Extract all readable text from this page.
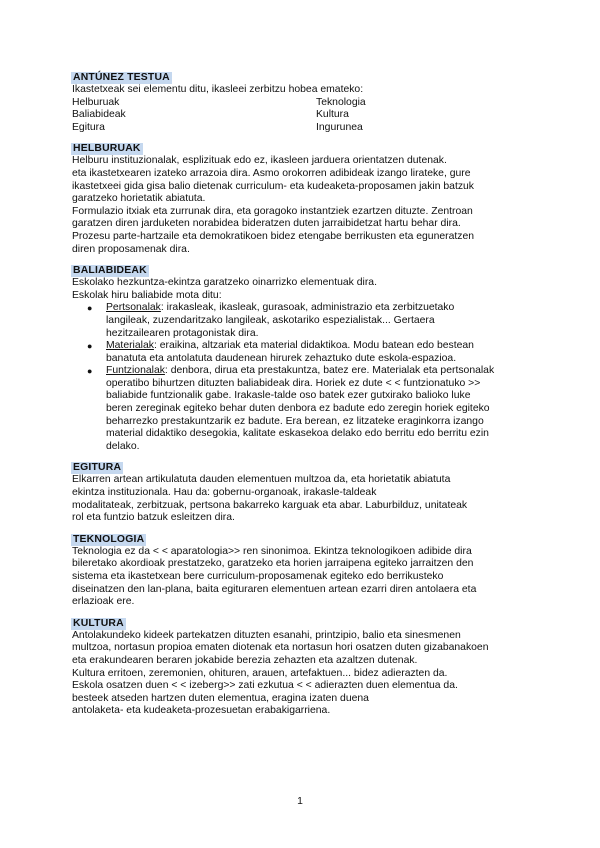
ANTÚNEZ TESTUA

Ikastetxeak sei elementu ditu, ikasleei zerbitzu hobea emateko:

Helburuak	Teknologia
Baliabideak	Kultura
Egitura	Ingurunea
HELBURUAK

Helburu instituzionalak, esplizituak edo ez, ikasleen jarduera orientatzen dutenak.

eta ikastetxearen izateko arrazoia dira. Asmo orokorren adibideak izango lirateke, gure

ikastetxeei gida gisa balio dietenak curriculum- eta kudeaketa-proposamen jakin batzuk

garatzeko horietatik abiatuta.

Formulazio itxiak eta zurrunak dira, eta goragoko instantziek ezartzen dituzte. Zentroan

garatzen diren jarduketen norabidea bideratzen duten jarraibidetzat hartu behar dira.

Prozesu parte-hartzaile eta demokratikoen bidez etengabe berrikusten eta eguneratzen

diren proposamenak dira.

BALIABIDEAK

Eskolako hezkuntza-ekintza garatzeko oinarrizko elementuak dira.

Eskolak hiru baliabide mota ditu:

● Pertsonalak: irakasleak, ikasleak, gurasoak, administrazio eta zerbitzuetako

langileak, zuzendaritzako langileak, askotariko espezialistak... Gertaera

hezitzailearen protagonistak dira.

● Materialak: eraikina, altzariak eta material didaktikoa. Modu batean edo bestean

banatuta eta antolatuta daudenean hirurek zehaztuko dute eskola-espazioa.

● Funtzionalak: denbora, dirua eta prestakuntza, batez ere. Materialak eta pertsonalak

operatibo bihurtzen dituzten baliabideak dira. Horiek ez dute < < funtzionatuko >>

baliabide funtzionalik gabe. Irakasle-talde oso batek ezer gutxirako balioko luke

beren zereginak egiteko behar duten denbora ez badute edo zeregin horiek egiteko

beharrezko prestakuntzarik ez badute. Era berean, ez litzateke eraginkorra izango

material didaktiko desegokia, kalitate eskasekoa delako edo berritu edo berritu ezin

delako.

EGITURA

Elkarren artean artikulatuta dauden elementuen multzoa da, eta horietatik abiatuta

ekintza instituzionala. Hau da: gobernu-organoak, irakasle-taldeak

modalitateak, zerbitzuak, pertsona bakarreko karguak eta abar. Laburbilduz, unitateak

rol eta funtzio batzuk esleitzen dira.

TEKNOLOGIA

Teknologia ez da < < aparatologia>> ren sinonimoa. Ekintza teknologikoen adibide dira

bileretako akordioak prestatzeko, garatzeko eta horien jarraipena egiteko jarraitzen den

sistema eta ikastetxean bere curriculum-proposamenak egiteko edo berrikusteko

diseinatzen den lan-plana, baita egituraren elementuen artean ezarri diren antolaera eta

erlazioak ere.

KULTURA

Antolakundeko kideek partekatzen dituzten esanahi, printzipio, balio eta sinesmenen

multzoa, nortasun propioa ematen diotenak eta nortasun hori osatzen duten gizabanakoen

eta erakundearen beraren jokabide berezia zehazten eta azaltzen dutenak.

Kultura erritoen, zeremonien, ohituren, arauen, artefaktuen... bidez adierazten da.

Eskola osatzen duen < < izeberg>> zati ezkutua < < adierazten duen elementua da.

besteek atseden hartzen duten elementua, eragina izaten duena

antolaketa- eta kudeaketa-prozesuetan erabakigarriena.

1
